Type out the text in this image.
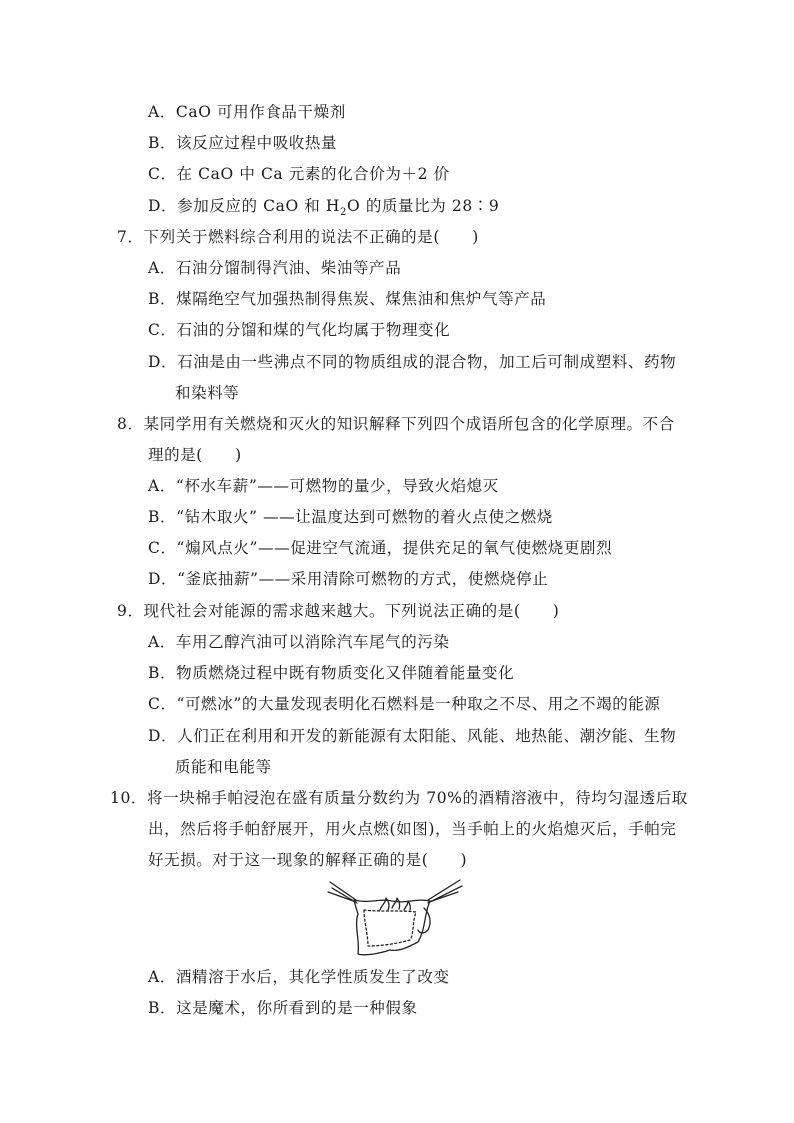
A．CaO 可用作食品干燥剂
B．该反应过程中吸收热量
C．在 CaO 中 Ca 元素的化合价为＋2 价
D．参加反应的 CaO 和 $H_2O$ 的质量比为 28∶9
7．下列关于燃料综合利用的说法不正确的是(　　)
A．石油分馏制得汽油、柴油等产品
B．煤隔绝空气加强热制得焦炭、煤焦油和焦炉气等产品
C．石油的分馏和煤的气化均属于物理变化
D．石油是由一些沸点不同的物质组成的混合物，加工后可制成塑料、药物
和染料等
8．某同学用有关燃烧和灭火的知识解释下列四个成语所包含的化学原理。不合
理的是(　　)
A．“杯水车薪”——可燃物的量少，导致火焰熄灭
B．“钻木取火” ——让温度达到可燃物的着火点使之燃烧
C．“煽风点火”——促进空气流通，提供充足的氧气使燃烧更剧烈
D．“釜底抽薪”——采用清除可燃物的方式，使燃烧停止
9．现代社会对能源的需求越来越大。下列说法正确的是(　　)
A．车用乙醇汽油可以消除汽车尾气的污染
B．物质燃烧过程中既有物质变化又伴随着能量变化
C．“可燃冰”的大量发现表明化石燃料是一种取之不尽、用之不竭的能源
D．人们正在利用和开发的新能源有太阳能、风能、地热能、潮汐能、生物
质能和电能等
10．将一块棉手帕浸泡在盛有质量分数约为 70%的酒精溶液中，待均匀湿透后取
出，然后将手帕舒展开，用火点燃(如图)，当手帕上的火焰熄灭后，手帕完
好无损。对于这一现象的解释正确的是(　　)
A．酒精溶于水后，其化学性质发生了改变
B．这是魔术，你所看到的是一种假象
